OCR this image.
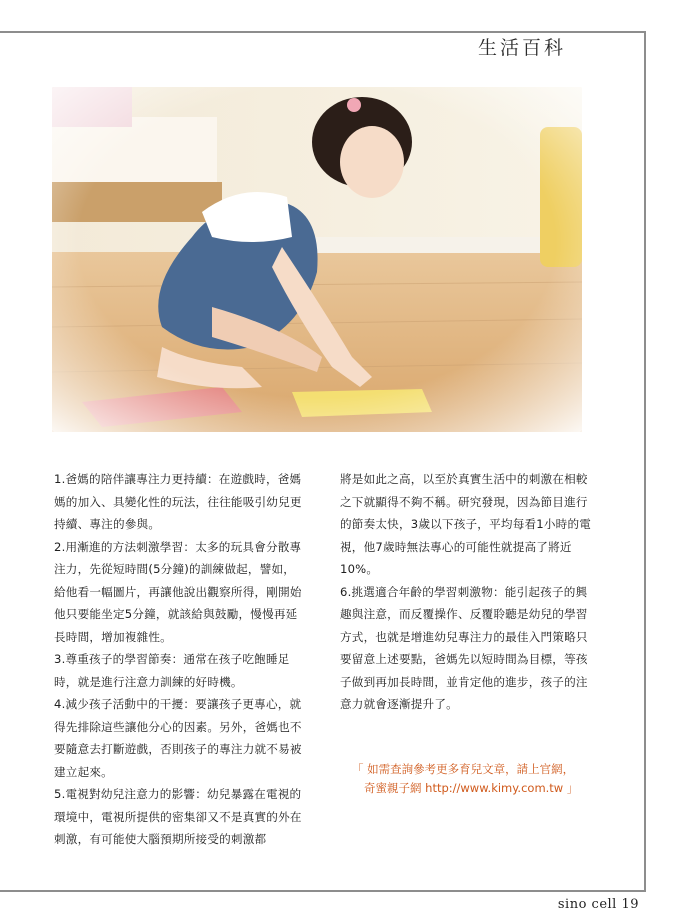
生活百科

1.爸媽的陪伴讓專注力更持續：在遊戲時，爸媽媽的加入、具變化性的玩法，往往能吸引幼兒更持續、專注的參與。

2.用漸進的方法刺激學習：太多的玩具會分散專注力，先從短時間(5分鐘)的訓練做起，譬如，給他看一幅圖片，再讓他說出觀察所得，剛開始他只要能坐定5分鐘，就該給與鼓勵，慢慢再延長時間，增加複雜性。

3.尊重孩子的學習節奏：通常在孩子吃飽睡足時，就是進行注意力訓練的好時機。

4.減少孩子活動中的干擾：要讓孩子更專心，就得先排除這些讓他分心的因素。另外，爸媽也不要隨意去打斷遊戲，否則孩子的專注力就不易被建立起來。

5.電視對幼兒注意力的影響：幼兒暴露在電視的環境中，電視所提供的密集卻又不是真實的外在刺激，有可能使大腦預期所接受的刺激都

將是如此之高，以至於真實生活中的刺激在相較之下就顯得不夠不稱。研究發現，因為節目進行的節奏太快，3歲以下孩子，平均每看1小時的電視，他7歲時無法專心的可能性就提高了將近10%。

6.挑選適合年齡的學習刺激物：能引起孩子的興趣與注意，而反覆操作、反覆聆聽是幼兒的學習方式，也就是增進幼兒專注力的最佳入門策略只要留意上述要點，爸媽先以短時間為目標，等孩子做到再加長時間，並肯定他的進步，孩子的注意力就會逐漸提升了。

「 如需查詢參考更多育兒文章，請上官網，
奇蜜親子網 http://www.kimy.com.tw 」
sino cell 19
